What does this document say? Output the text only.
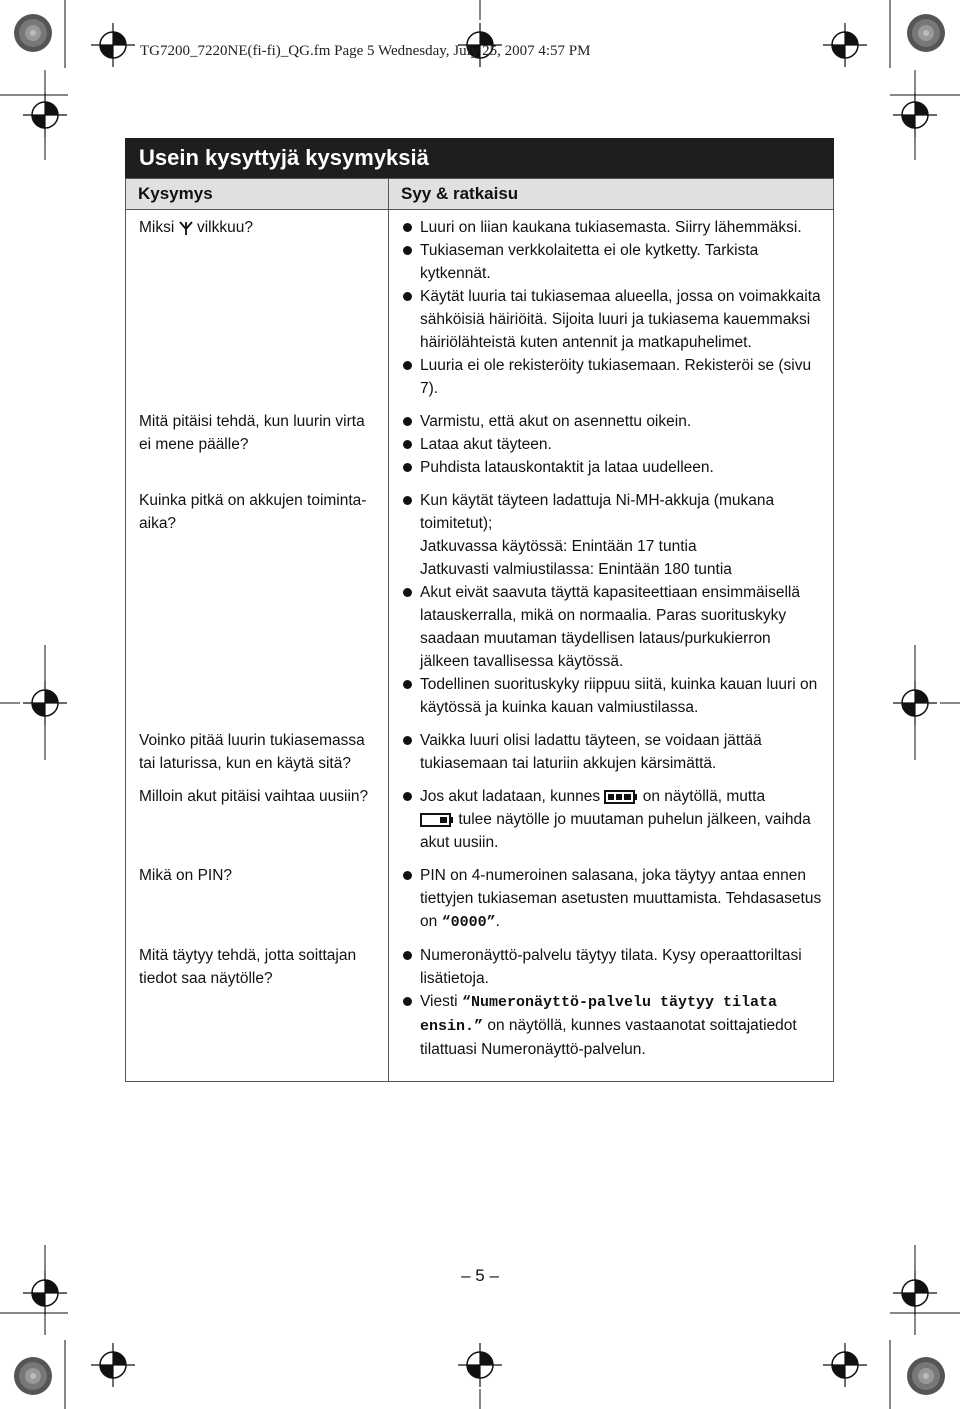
TG7200_7220NE(fi-fi)_QG.fm Page 5 Wednesday, July 25, 2007 4:57 PM
Usein kysyttyjä kysymyksiä
Kysymys	Syy & ratkaisu
Miksi vilkkuu?	Luuri on liian kaukana tukiasemasta. Siirry lähemmäksi.
Tukiaseman verkkolaitetta ei ole kytketty. Tarkista kytkennät.
Käytät luuria tai tukiasemaa alueella, jossa on voimakkaita sähköisiä häiriöitä. Sijoita luuri ja tukiasema kauemmaksi häiriölähteistä kuten antennit ja matkapuhelimet.
Luuria ei ole rekisteröity tukiasemaan. Rekisteröi se (sivu 7).

Mitä pitäisi tehdä, kun luurin virta ei mene päälle?	Varmistu, että akut on asennettu oikein.
Lataa akut täyteen.
Puhdista latauskontaktit ja lataa uudelleen.

Kuinka pitkä on akkujen toiminta-aika?	Kun käytät täyteen ladattuja Ni-MH-akkuja (mukana toimitetut);
Jatkuvassa käytössä: Enintään 17 tuntia
Jatkuvasti valmiustilassa: Enintään 180 tuntia
Akut eivät saavuta täyttä kapasiteettiaan ensimmäisellä latauskerralla, mikä on normaalia. Paras suorituskyky saadaan muutaman täydellisen lataus/purkukierron jälkeen tavallisessa käytössä.
Todellinen suorituskyky riippuu siitä, kuinka kauan luuri on käytössä ja kuinka kauan valmiustilassa.

Voinko pitää luurin tukiasemassa tai laturissa, kun en käytä sitä?	Vaikka luuri olisi ladattu täyteen, se voidaan jättää tukiasemaan tai laturiin akkujen kärsimättä.

Milloin akut pitäisi vaihtaa uusiin?	Jos akut ladataan, kunnes on näytöllä, mutta
tulee näytölle jo muutaman puhelun jälkeen, vaihda akut uusiin.

Mikä on PIN?	PIN on 4-numeroinen salasana, joka täytyy antaa ennen tiettyjen tukiaseman asetusten muuttamista. Tehdasasetus on “0000”.

Mitä täytyy tehdä, jotta soittajan tiedot saa näytölle?	Numeronäyttö-palvelu täytyy tilata. Kysy operaattoriltasi lisätietoja.
Viesti “Numeronäyttö-palvelu täytyy tilata ensin.” on näytöllä, kunnes vastaanotat soittajatiedot tilattuasi Numeronäyttö-palvelun.
– 5 –
